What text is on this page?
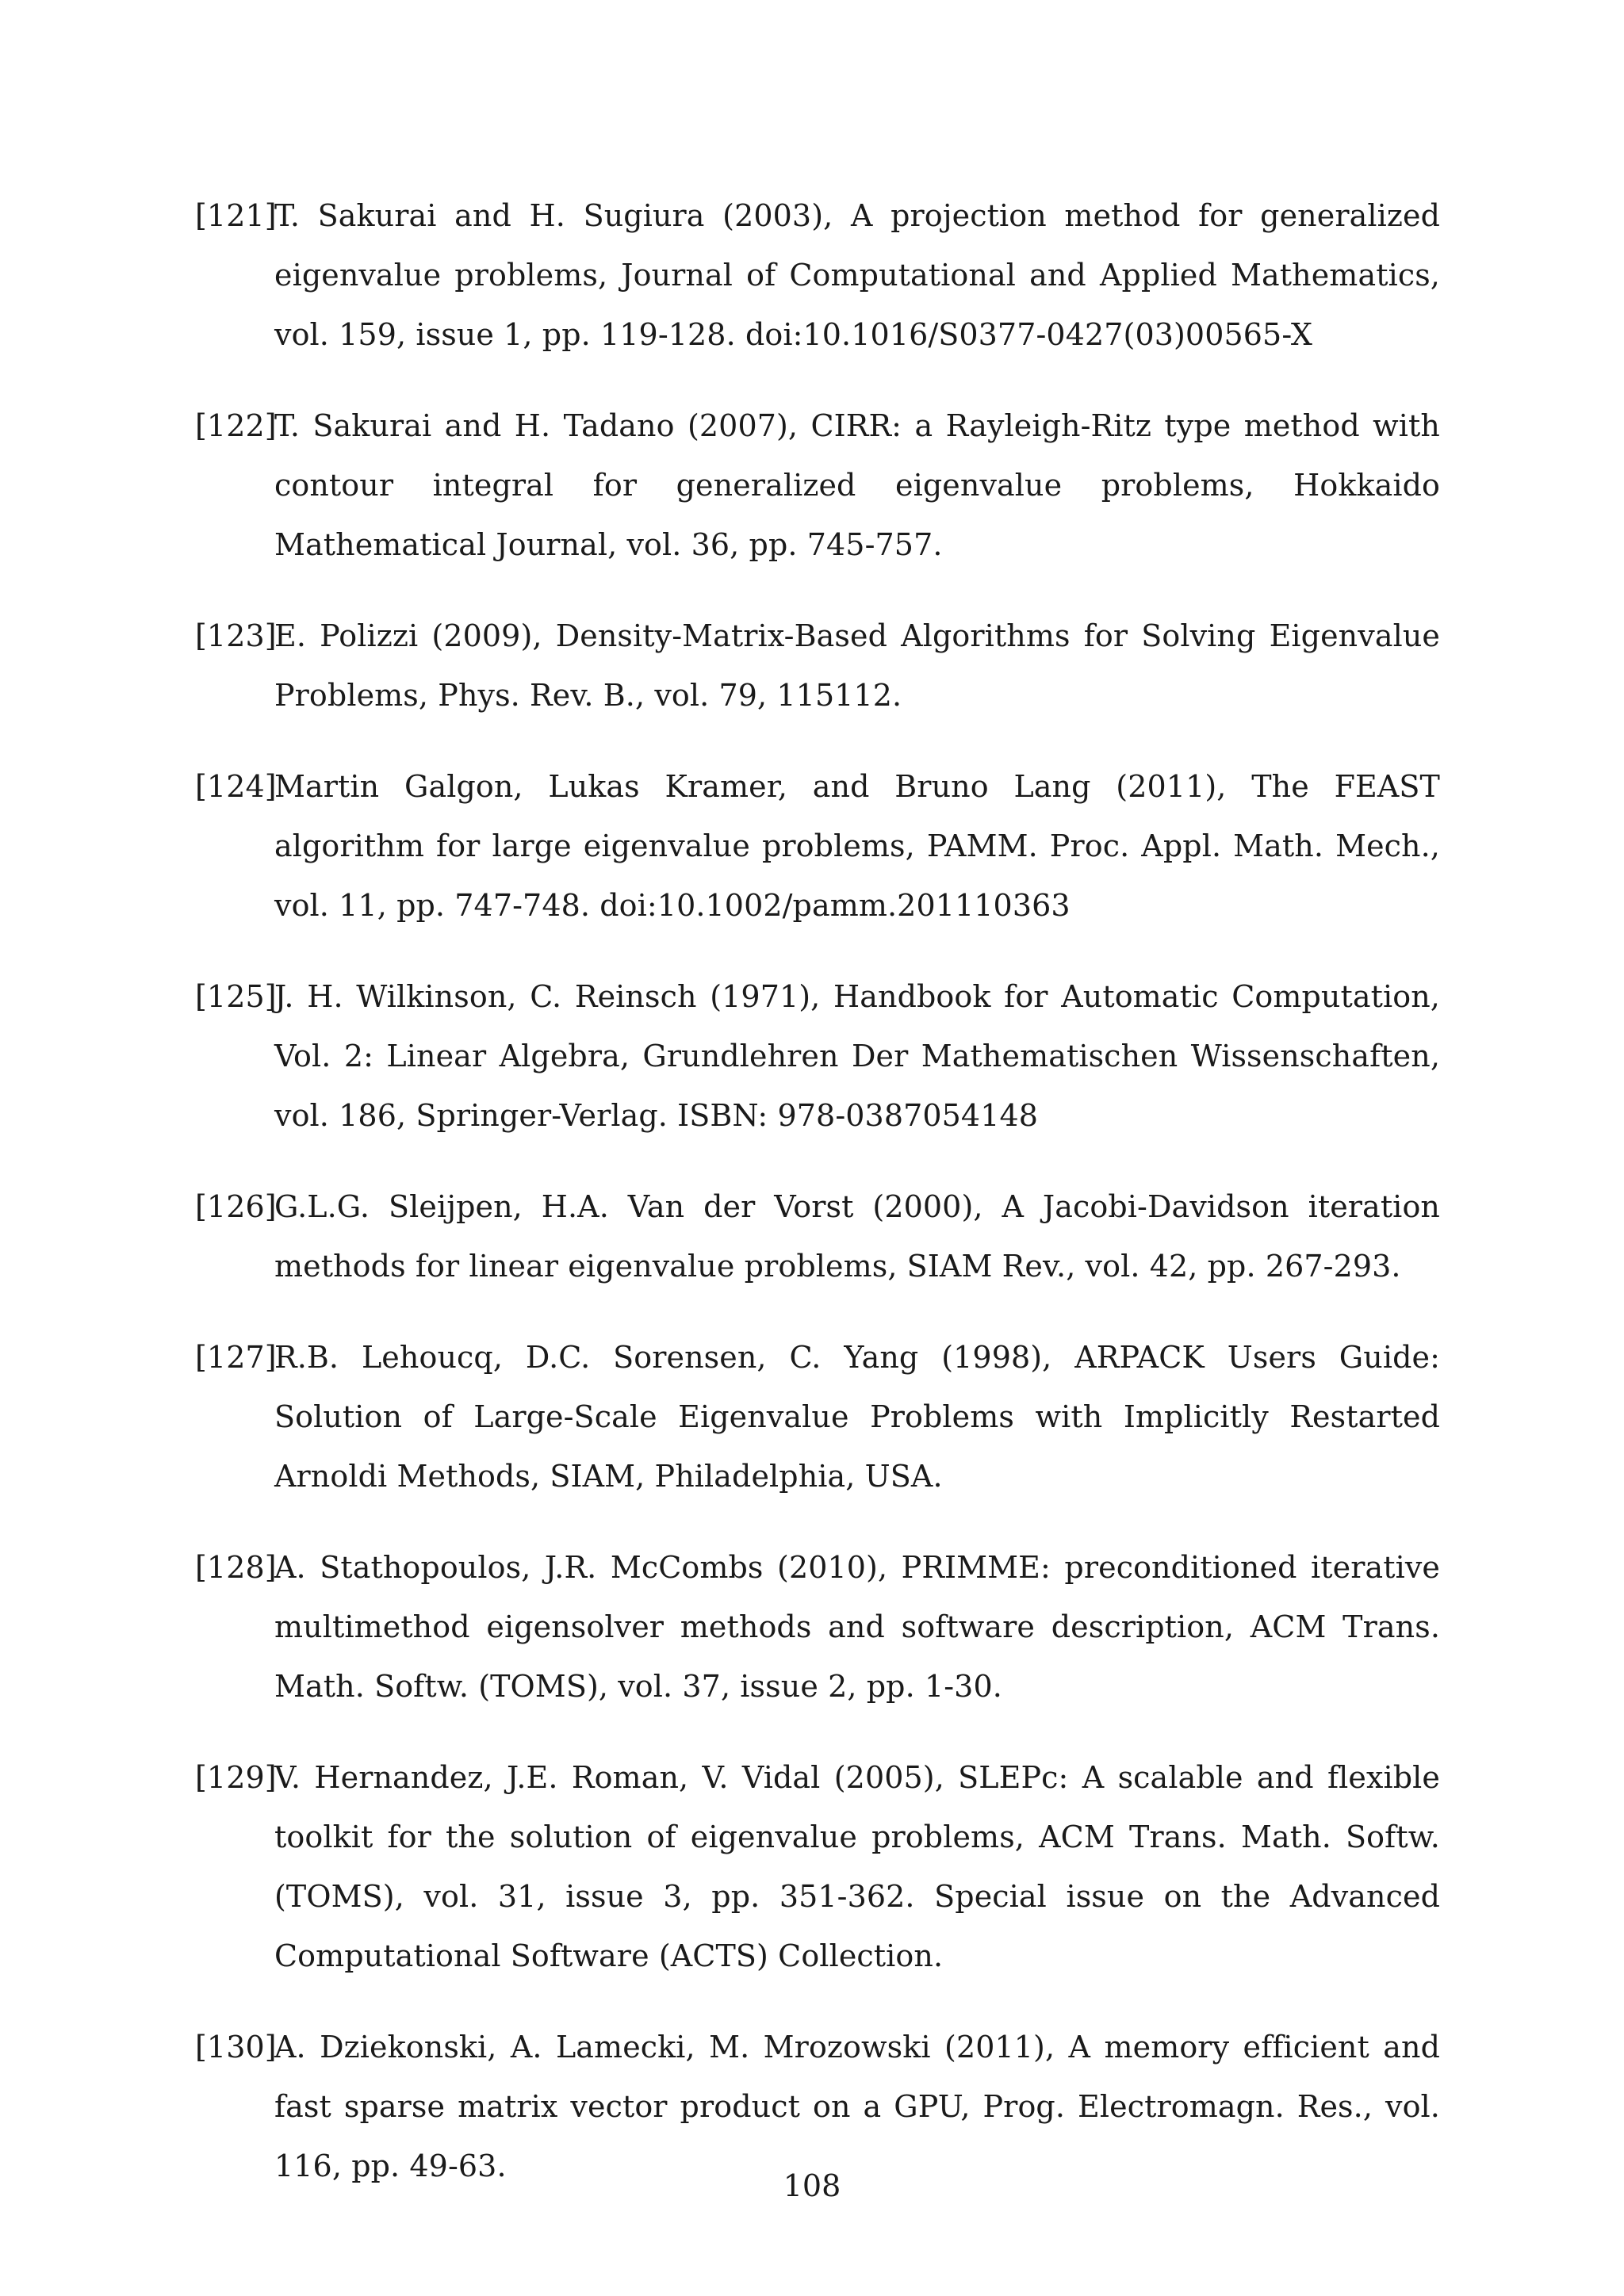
[121]
T. Sakurai and H. Sugiura (2003), A projection method for generalized eigenvalue problems, Journal of Computational and Applied Mathematics, vol. 159, issue 1, pp. 119-128. doi:10.1016/S0377-0427(03)00565-X
[122]
T. Sakurai and H. Tadano (2007), CIRR: a Rayleigh-Ritz type method with contour integral for generalized eigenvalue problems, Hokkaido Mathematical Journal, vol. 36, pp. 745-757.
[123]
E. Polizzi (2009), Density-Matrix-Based Algorithms for Solving Eigenvalue Problems, Phys. Rev. B., vol. 79, 115112.
[124]
Martin Galgon, Lukas Kramer, and Bruno Lang (2011), The FEAST algorithm for large eigenvalue problems, PAMM. Proc. Appl. Math. Mech., vol. 11, pp. 747-748. doi:10.1002/pamm.201110363
[125]
J. H. Wilkinson, C. Reinsch (1971), Handbook for Automatic Computation, Vol. 2: Linear Algebra, Grundlehren Der Mathematischen Wissenschaften, vol. 186, Springer-Verlag. ISBN: 978-0387054148
[126]
G.L.G. Sleijpen, H.A. Van der Vorst (2000), A Jacobi-Davidson iteration methods for linear eigenvalue problems, SIAM Rev., vol. 42, pp. 267-293.
[127]
R.B. Lehoucq, D.C. Sorensen, C. Yang (1998), ARPACK Users Guide: Solution of Large-Scale Eigenvalue Problems with Implicitly Restarted Arnoldi Methods, SIAM, Philadelphia, USA.
[128]
A. Stathopoulos, J.R. McCombs (2010), PRIMME: preconditioned iterative multimethod eigensolver methods and software description, ACM Trans. Math. Softw. (TOMS), vol. 37, issue 2, pp. 1-30.
[129]
V. Hernandez, J.E. Roman, V. Vidal (2005), SLEPc: A scalable and flexible toolkit for the solution of eigenvalue problems, ACM Trans. Math. Softw. (TOMS), vol. 31, issue 3, pp. 351-362. Special issue on the Advanced Computational Software (ACTS) Collection.
[130]
A. Dziekonski, A. Lamecki, M. Mrozowski (2011), A memory efficient and fast sparse matrix vector product on a GPU, Prog. Electromagn. Res., vol. 116, pp. 49-63.
108
